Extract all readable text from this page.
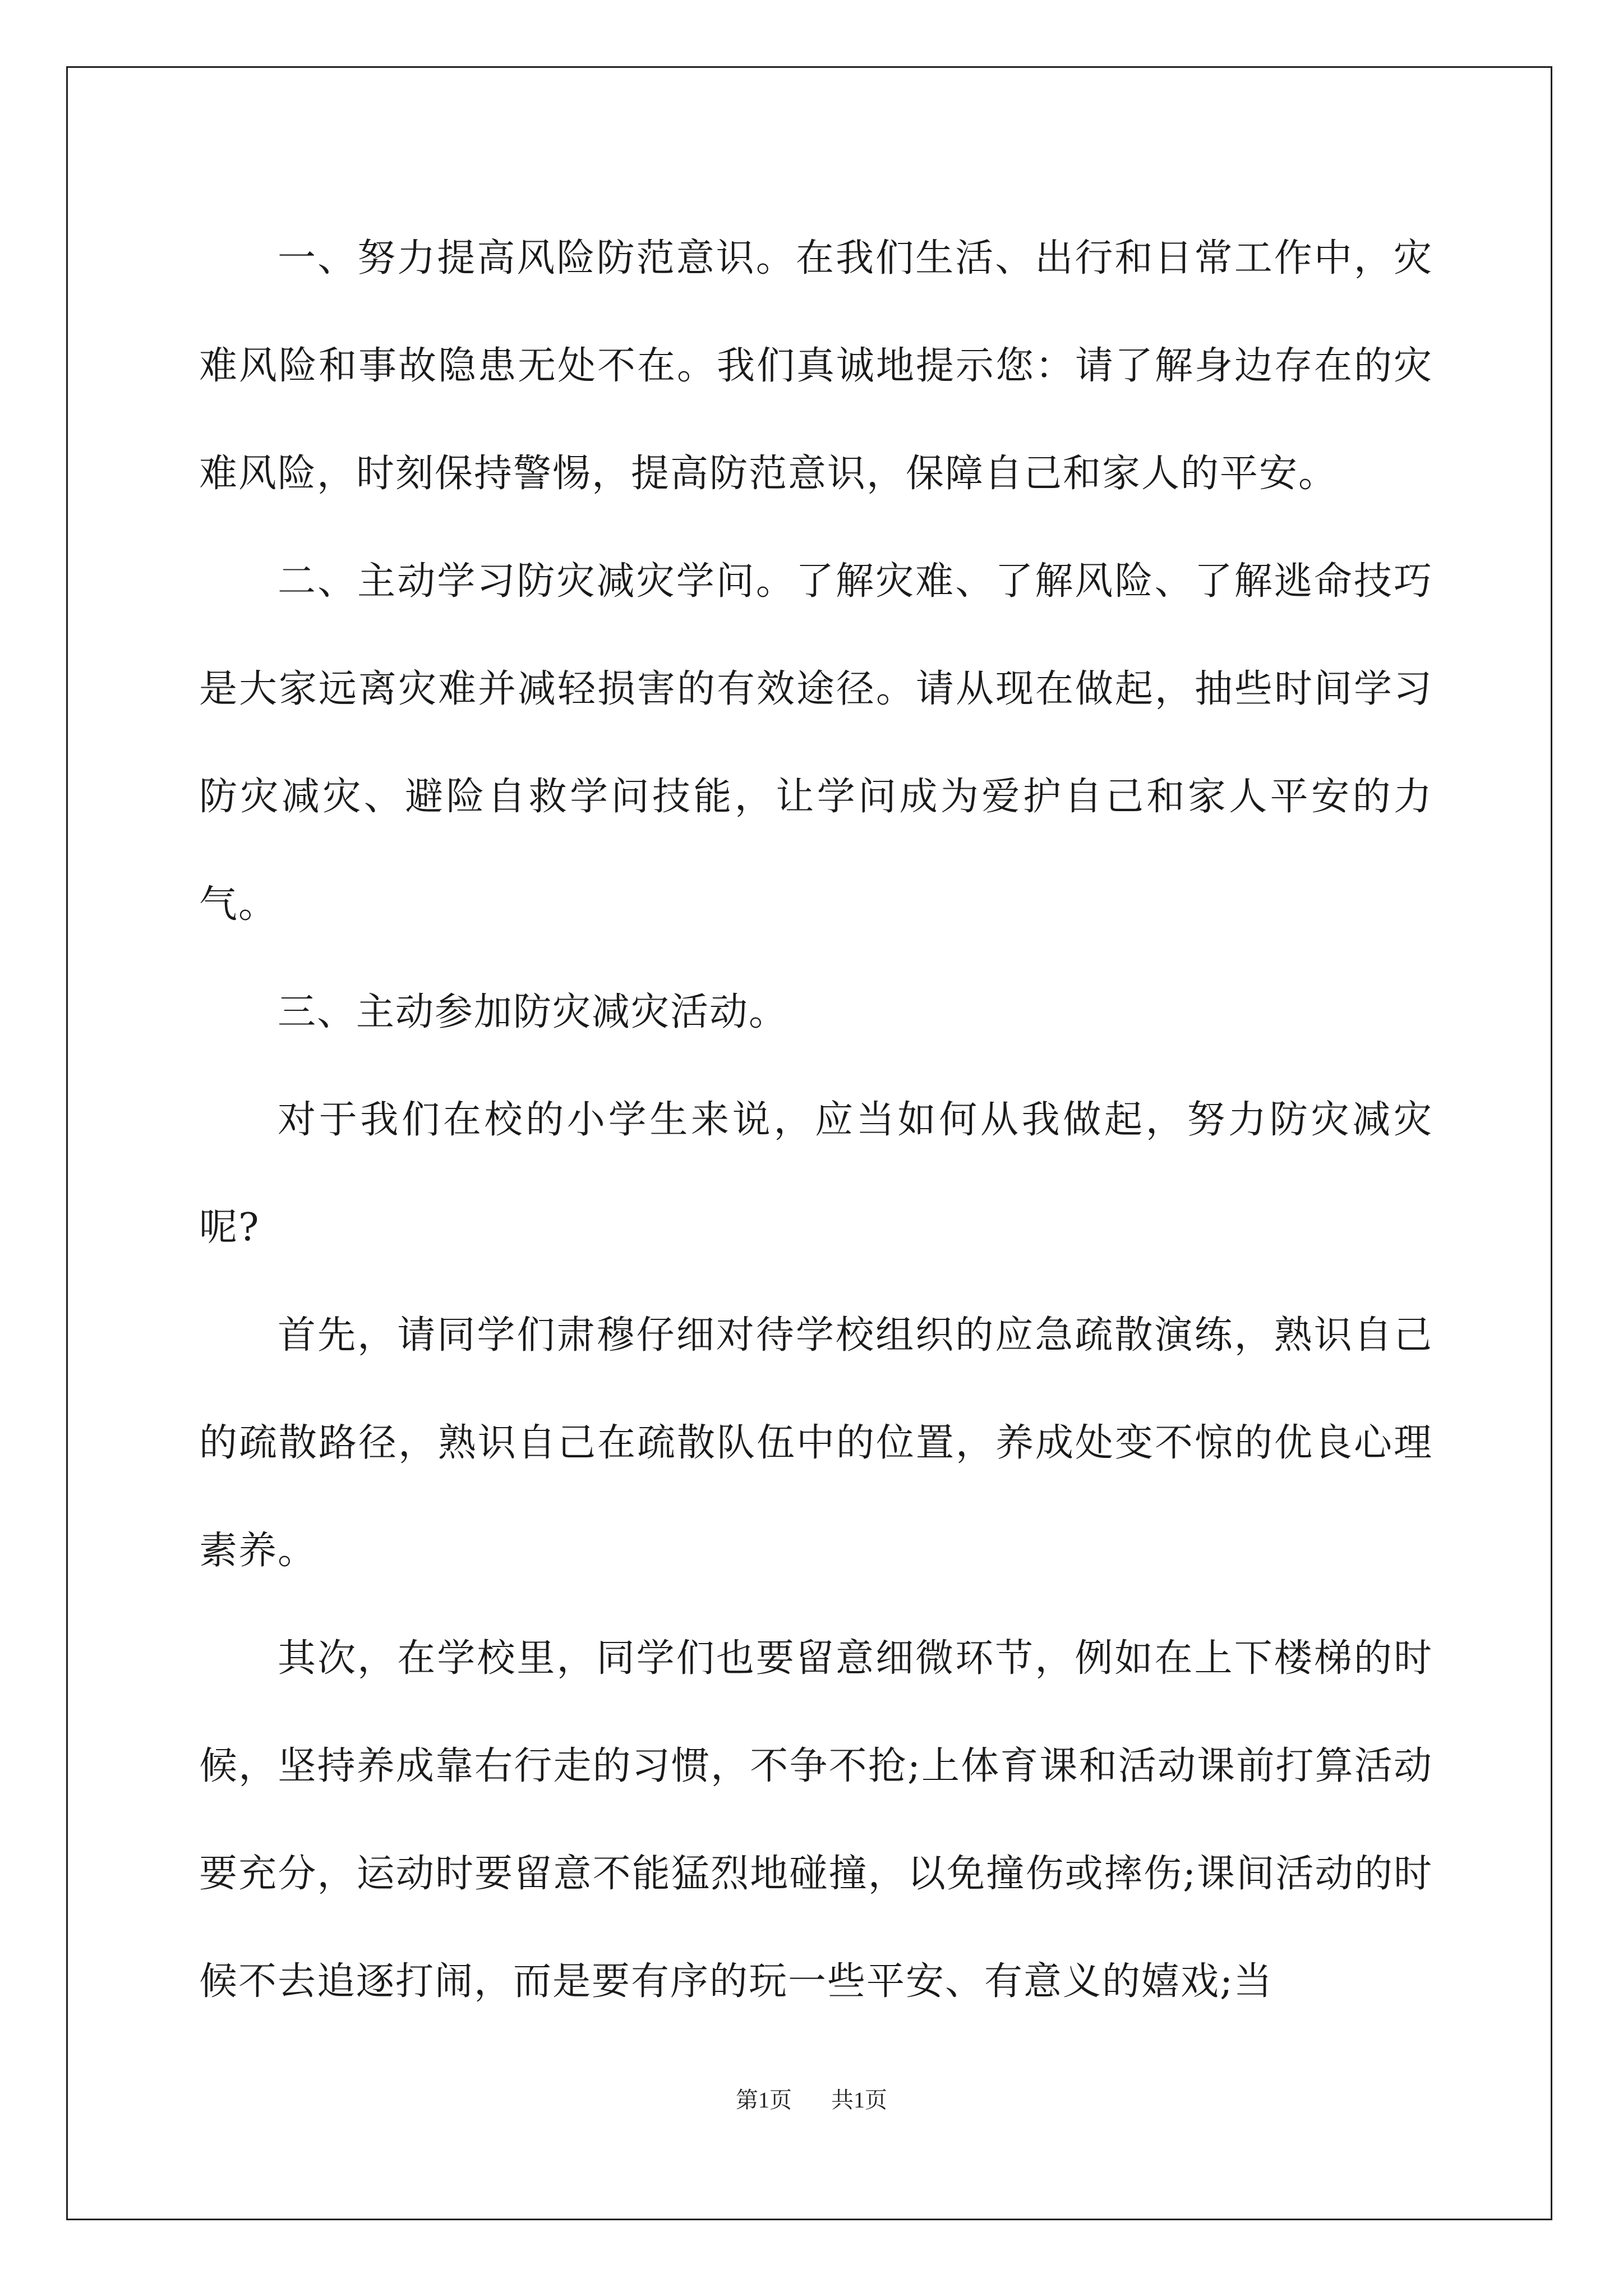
一、努力提高风险防范意识。在我们生活、出行和日常工作中，灾难风险和事故隐患无处不在。我们真诚地提示您：请了解身边存在的灾难风险，时刻保持警惕，提高防范意识，保障自己和家人的平安。

二、主动学习防灾减灾学问。了解灾难、了解风险、了解逃命技巧是大家远离灾难并减轻损害的有效途径。请从现在做起，抽些时间学习防灾减灾、避险自救学问技能，让学问成为爱护自己和家人平安的力气。

三、主动参加防灾减灾活动。

对于我们在校的小学生来说，应当如何从我做起，努力防灾减灾呢?

首先，请同学们肃穆仔细对待学校组织的应急疏散演练，熟识自己的疏散路径，熟识自己在疏散队伍中的位置，养成处变不惊的优良心理素养。

其次，在学校里，同学们也要留意细微环节，例如在上下楼梯的时候，坚持养成靠右行走的习惯，不争不抢;上体育课和活动课前打算活动要充分，运动时要留意不能猛烈地碰撞，以免撞伤或摔伤;课间活动的时候不去追逐打闹，而是要有序的玩一些平安、有意义的嬉戏;当

第1页 共1页
